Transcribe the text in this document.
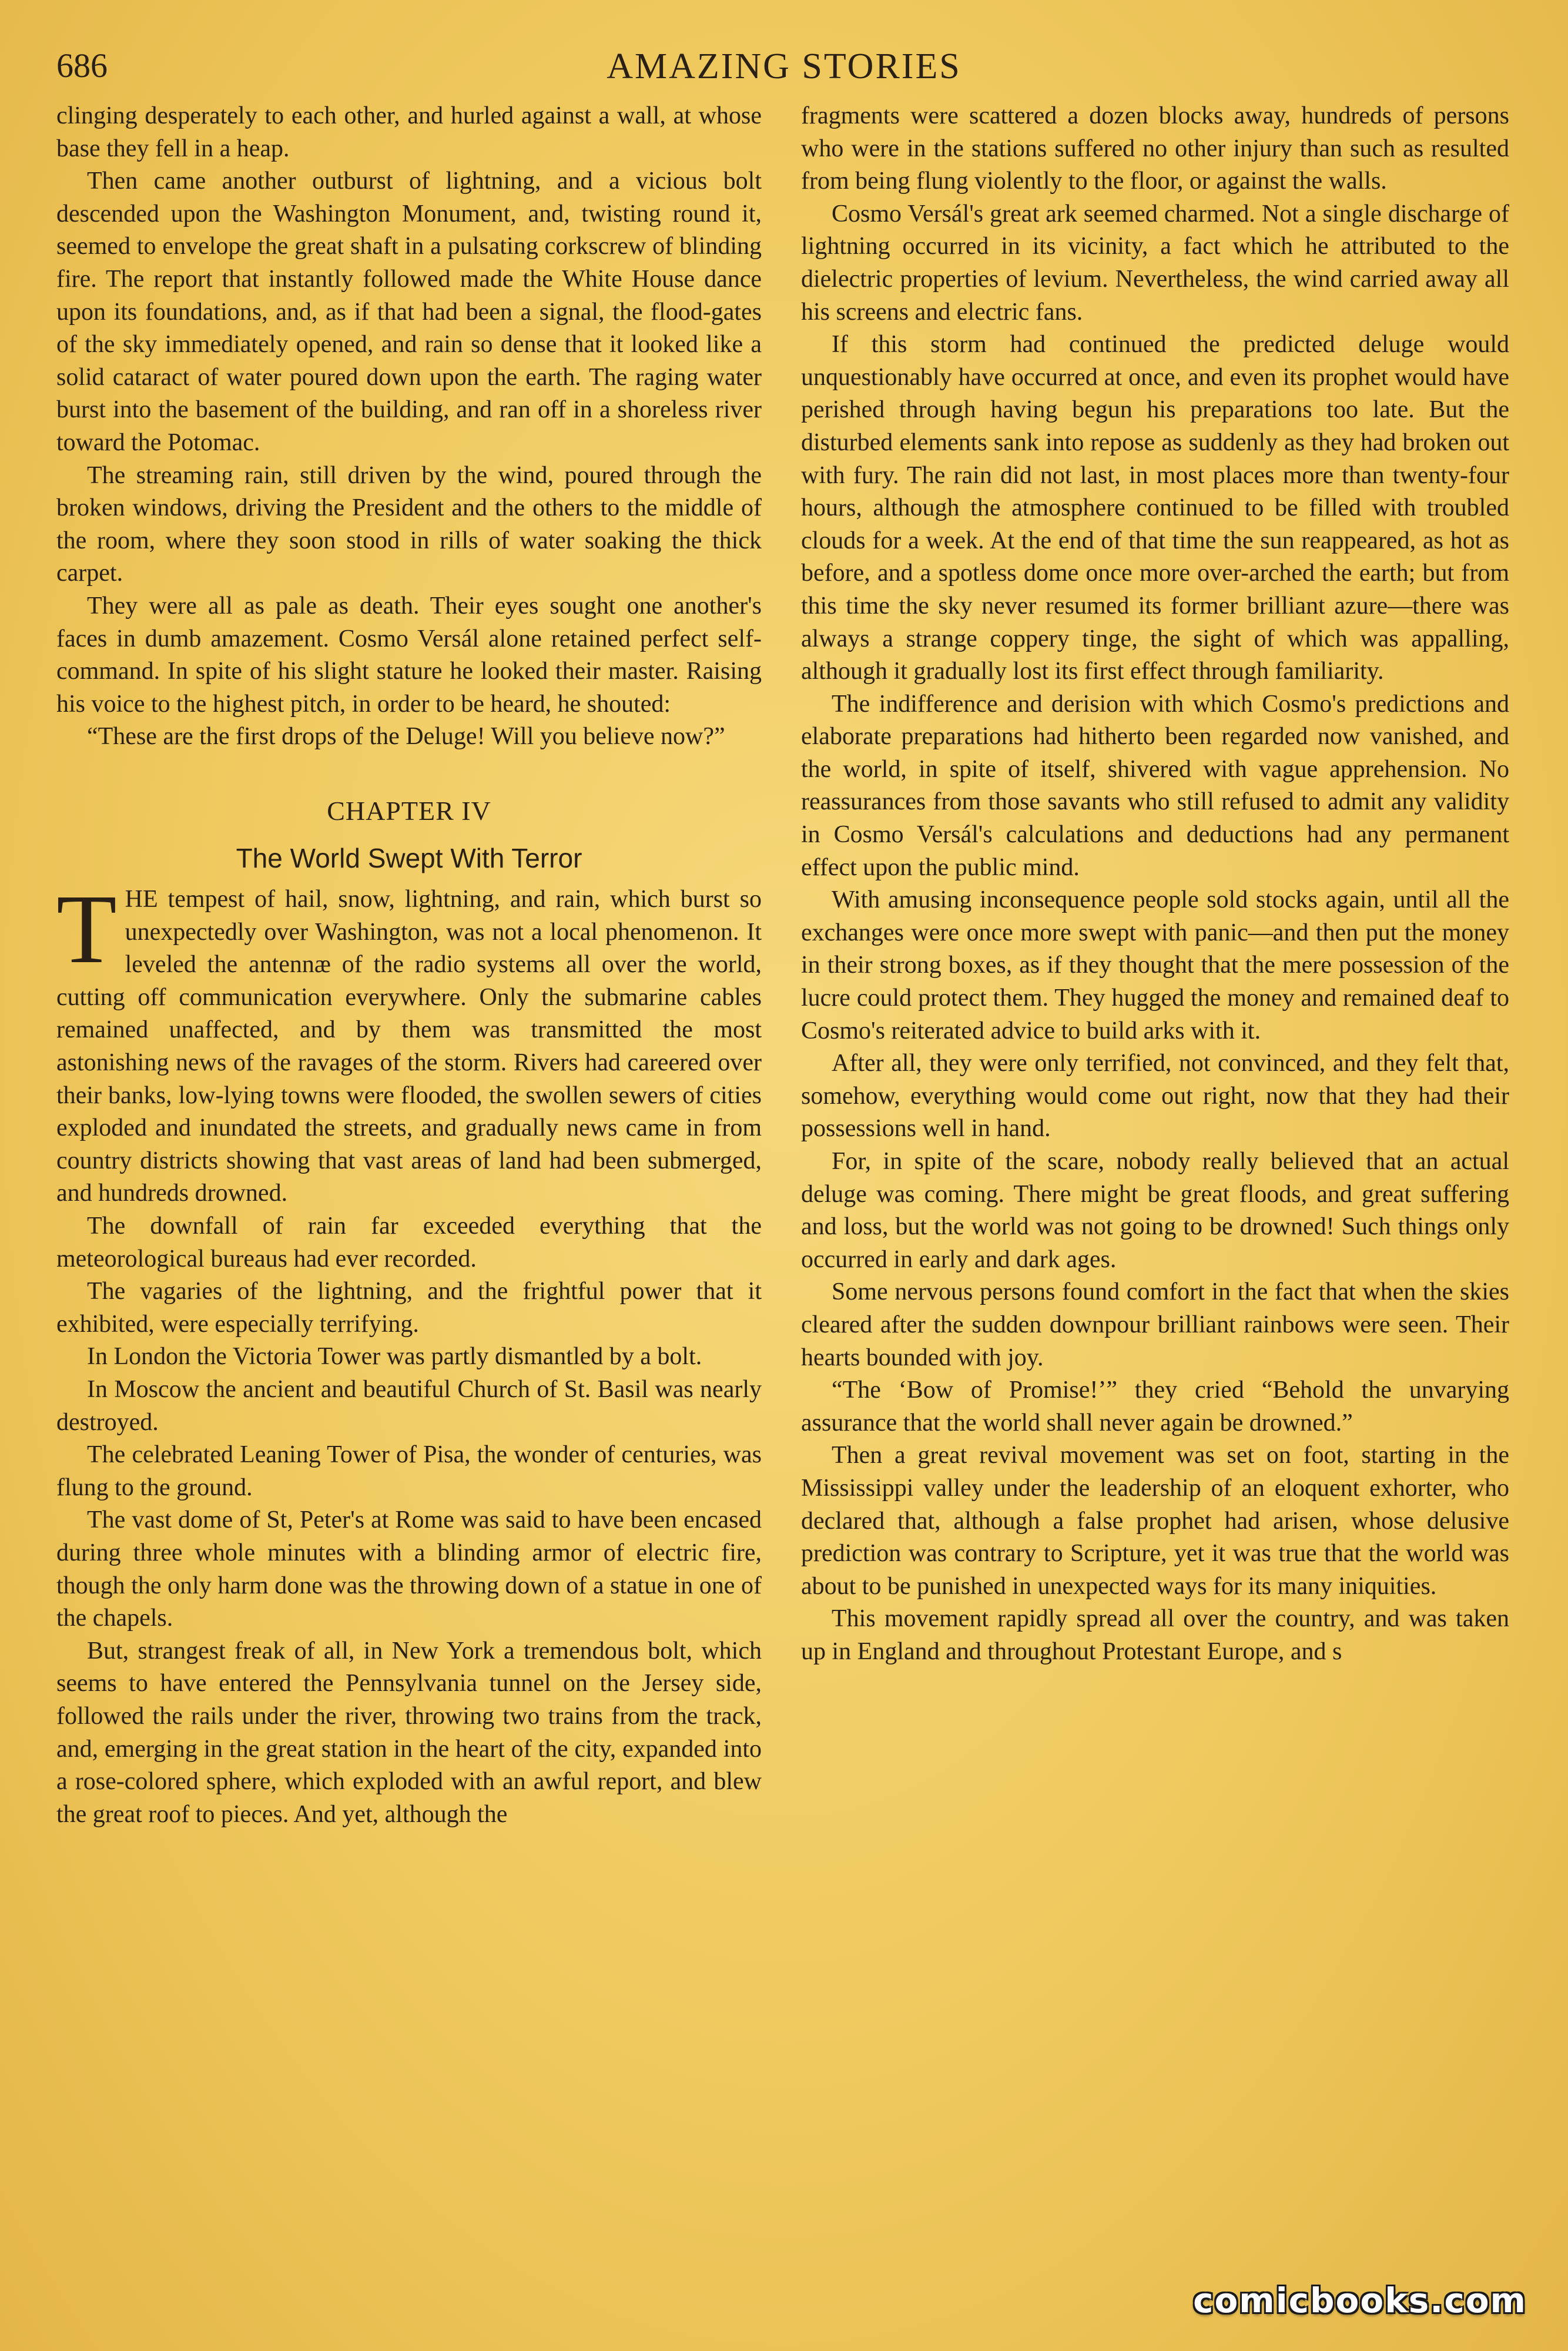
686	AMAZING STORIES

clinging desperately to each other, and hurled against a wall, at whose base they fell in a heap.

Then came another outburst of lightning, and a vicious bolt descended upon the Washington Monument, and, twisting round it, seemed to envelope the great shaft in a pulsating corkscrew of blinding fire. The report that instantly followed made the White House dance upon its foundations, and, as if that had been a signal, the flood-gates of the sky immediately opened, and rain so dense that it looked like a solid cataract of water poured down upon the earth. The raging water burst into the basement of the building, and ran off in a shoreless river toward the Potomac.

The streaming rain, still driven by the wind, poured through the broken windows, driving the President and the others to the middle of the room, where they soon stood in rills of water soaking the thick carpet.

They were all as pale as death. Their eyes sought one another's faces in dumb amazement. Cosmo Versál alone retained perfect self-command. In spite of his slight stature he looked their master. Raising his voice to the highest pitch, in order to be heard, he shouted:

“These are the first drops of the Deluge! Will you believe now?”

CHAPTER IV
The World Swept With Terror

THE tempest of hail, snow, lightning, and rain, which burst so unexpectedly over Washington, was not a local phenomenon. It leveled the antennæ of the radio systems all over the world, cutting off communication everywhere. Only the submarine cables remained unaffected, and by them was transmitted the most astonishing news of the ravages of the storm. Rivers had careered over their banks, low-lying towns were flooded, the swollen sewers of cities exploded and inundated the streets, and gradually news came in from country districts showing that vast areas of land had been submerged, and hundreds drowned.

The downfall of rain far exceeded everything that the meteorological bureaus had ever recorded.

The vagaries of the lightning, and the frightful power that it exhibited, were especially terrifying.

In London the Victoria Tower was partly dismantled by a bolt.

In Moscow the ancient and beautiful Church of St. Basil was nearly destroyed.

The celebrated Leaning Tower of Pisa, the wonder of centuries, was flung to the ground.

The vast dome of St, Peter's at Rome was said to have been encased during three whole minutes with a blinding armor of electric fire, though the only harm done was the throwing down of a statue in one of the chapels.

But, strangest freak of all, in New York a tremendous bolt, which seems to have entered the Pennsylvania tunnel on the Jersey side, followed the rails under the river, throwing two trains from the track, and, emerging in the great station in the heart of the city, expanded into a rose-colored sphere, which exploded with an awful report, and blew the great roof to pieces. And yet, although the

fragments were scattered a dozen blocks away, hundreds of persons who were in the stations suffered no other injury than such as resulted from being flung violently to the floor, or against the walls.

Cosmo Versál's great ark seemed charmed. Not a single discharge of lightning occurred in its vicinity, a fact which he attributed to the dielectric properties of levium. Nevertheless, the wind carried away all his screens and electric fans.

If this storm had continued the predicted deluge would unquestionably have occurred at once, and even its prophet would have perished through having begun his preparations too late. But the disturbed elements sank into repose as suddenly as they had broken out with fury. The rain did not last, in most places more than twenty-four hours, although the atmosphere continued to be filled with troubled clouds for a week. At the end of that time the sun reappeared, as hot as before, and a spotless dome once more over-arched the earth; but from this time the sky never resumed its former brilliant azure—there was always a strange coppery tinge, the sight of which was appalling, although it gradually lost its first effect through familiarity.

The indifference and derision with which Cosmo's predictions and elaborate preparations had hitherto been regarded now vanished, and the world, in spite of itself, shivered with vague apprehension. No reassurances from those savants who still refused to admit any validity in Cosmo Versál's calculations and deductions had any permanent effect upon the public mind.

With amusing inconsequence people sold stocks again, until all the exchanges were once more swept with panic—and then put the money in their strong boxes, as if they thought that the mere possession of the lucre could protect them. They hugged the money and remained deaf to Cosmo's reiterated advice to build arks with it.

After all, they were only terrified, not convinced, and they felt that, somehow, everything would come out right, now that they had their possessions well in hand.

For, in spite of the scare, nobody really believed that an actual deluge was coming. There might be great floods, and great suffering and loss, but the world was not going to be drowned! Such things only occurred in early and dark ages.

Some nervous persons found comfort in the fact that when the skies cleared after the sudden downpour brilliant rainbows were seen. Their hearts bounded with joy.

“The ‘Bow of Promise!’” they cried “Behold the unvarying assurance that the world shall never again be drowned.”

Then a great revival movement was set on foot, starting in the Mississippi valley under the leadership of an eloquent exhorter, who declared that, although a false prophet had arisen, whose delusive prediction was contrary to Scripture, yet it was true that the world was about to be punished in unexpected ways for its many iniquities.

This movement rapidly spread all over the country, and was taken up in England and throughout Protestant Europe, and s

comicbooks.com
